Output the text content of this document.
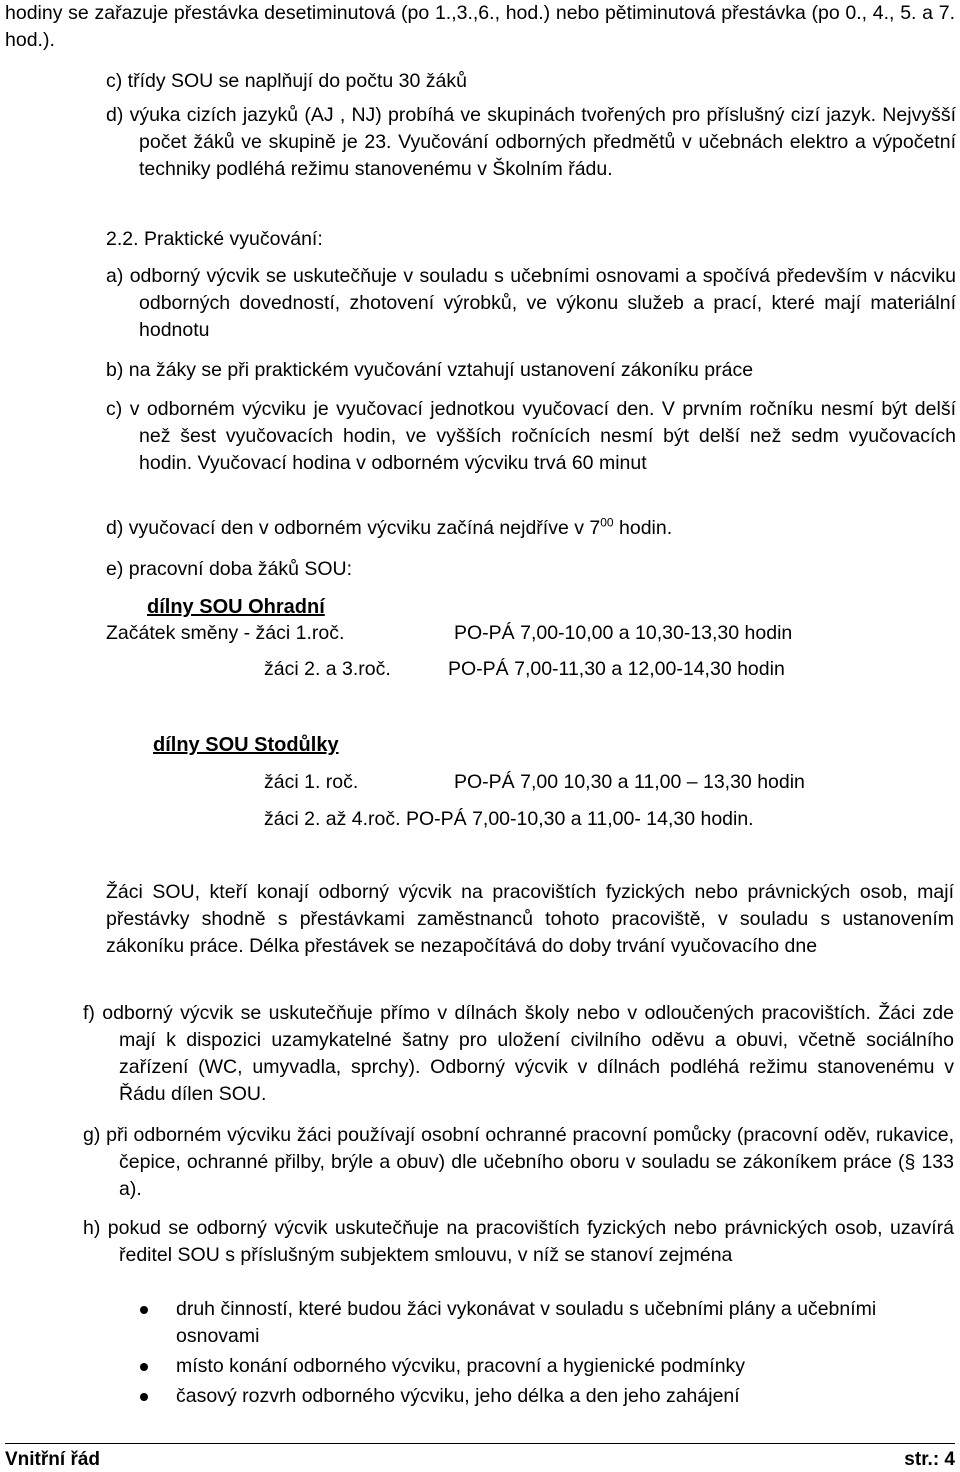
hodiny se zařazuje přestávka desetiminutová (po 1.,3.,6., hod.) nebo pětiminutová přestávka (po 0., 4., 5. a 7. hod.).

c) třídy SOU se naplňují do počtu 30 žáků

d) výuka cizích jazyků (AJ , NJ) probíhá ve skupinách tvořených pro příslušný cizí jazyk. Nejvyšší počet žáků ve skupině je 23. Vyučování odborných předmětů v učebnách elektro a výpočetní techniky podléhá režimu stanovenému v Školním řádu.

2.2. Praktické vyučování:

a) odborný výcvik se uskutečňuje v souladu s učebními osnovami a spočívá především v nácviku odborných dovedností, zhotovení výrobků, ve výkonu služeb a prací, které mají materiální hodnotu

b) na žáky se při praktickém vyučování vztahují ustanovení zákoníku práce

c) v odborném výcviku je vyučovací jednotkou vyučovací den. V prvním ročníku nesmí být delší než šest vyučovacích hodin, ve vyšších ročnících nesmí být delší než sedm vyučovacích hodin. Vyučovací hodina v odborném výcviku trvá 60 minut

d) vyučovací den v odborném výcviku začíná nejdříve v $7^{00}$ hodin.

e) pracovní doba žáků SOU:

dílny SOU Ohradní
Začátek směny - žáci 1.roč.	PO-PÁ 7,00-10,00 a 10,30-13,30 hodin
žáci 2. a 3.roč.	PO-PÁ 7,00-11,30 a 12,00-14,30 hodin
dílny SOU Stodůlky
žáci 1. roč.	PO-PÁ 7,00 10,30 a 11,00 – 13,30 hodin
žáci 2. až 4.roč. PO-PÁ 7,00-10,30 a 11,00- 14,30 hodin.

Žáci SOU, kteří konají odborný výcvik na pracovištích fyzických nebo právnických osob, mají přestávky shodně s přestávkami zaměstnanců tohoto pracoviště, v souladu s ustanovením zákoníku práce. Délka přestávek se nezapočítává do doby trvání vyučovacího dne

f) odborný výcvik se uskutečňuje přímo v dílnách školy nebo v odloučených pracovištích. Žáci zde mají k dispozici uzamykatelné šatny pro uložení civilního oděvu a obuvi, včetně sociálního zařízení (WC, umyvadla, sprchy). Odborný výcvik v dílnách podléhá režimu stanovenému v Řádu dílen SOU.

g) při odborném výcviku žáci používají osobní ochranné pracovní pomůcky (pracovní oděv, rukavice, čepice, ochranné přilby, brýle a obuv) dle učebního oboru v souladu se zákoníkem práce (§ 133 a).

h) pokud se odborný výcvik uskutečňuje na pracovištích fyzických nebo právnických osob, uzavírá ředitel SOU s příslušným subjektem smlouvu, v níž se stanoví zejména

druh činností, které budou žáci vykonávat v souladu s učebními plány a učebními osnovami
místo konání odborného výcviku, pracovní a hygienické podmínky
časový rozvrh odborného výcviku, jeho délka a den jeho zahájení
Vnitřní řád	str.: 4
